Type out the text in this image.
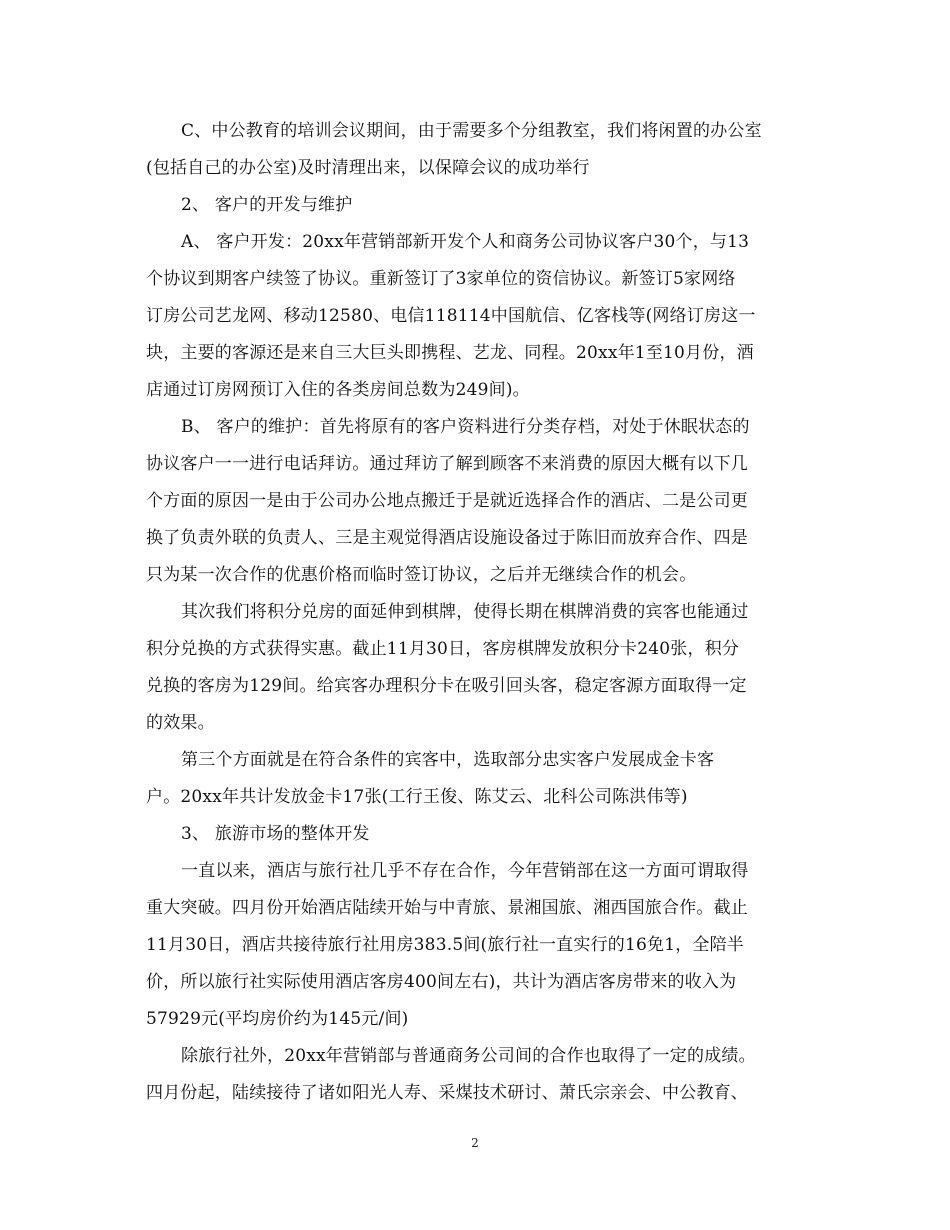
C、中公教育的培训会议期间，由于需要多个分组教室，我们将闲置的办公室
(包括自己的办公室)及时清理出来，以保障会议的成功举行
2、 客户的开发与维护
A、 客户开发：20xx年营销部新开发个人和商务公司协议客户30个，与13
个协议到期客户续签了协议。重新签订了3家单位的资信协议。新签订5家网络
订房公司艺龙网、移动12580、电信118114中国航信、亿客栈等(网络订房这一
块，主要的客源还是来自三大巨头即携程、艺龙、同程。20xx年1至10月份，酒
店通过订房网预订入住的各类房间总数为249间)。
B、 客户的维护：首先将原有的客户资料进行分类存档，对处于休眠状态的
协议客户一一进行电话拜访。通过拜访了解到顾客不来消费的原因大概有以下几
个方面的原因一是由于公司办公地点搬迁于是就近选择合作的酒店、二是公司更
换了负责外联的负责人、三是主观觉得酒店设施设备过于陈旧而放弃合作、四是
只为某一次合作的优惠价格而临时签订协议，之后并无继续合作的机会。
其次我们将积分兑房的面延伸到棋牌，使得长期在棋牌消费的宾客也能通过
积分兑换的方式获得实惠。截止11月30日，客房棋牌发放积分卡240张，积分
兑换的客房为129间。给宾客办理积分卡在吸引回头客，稳定客源方面取得一定
的效果。
第三个方面就是在符合条件的宾客中，选取部分忠实客户发展成金卡客
户。20xx年共计发放金卡17张(工行王俊、陈艾云、北科公司陈洪伟等)
3、 旅游市场的整体开发
一直以来，酒店与旅行社几乎不存在合作，今年营销部在这一方面可谓取得
重大突破。四月份开始酒店陆续开始与中青旅、景湘国旅、湘西国旅合作。截止
11月30日，酒店共接待旅行社用房383.5间(旅行社一直实行的16免1，全陪半
价，所以旅行社实际使用酒店客房400间左右)，共计为酒店客房带来的收入为
57929元(平均房价约为145元/间)
除旅行社外，20xx年营销部与普通商务公司间的合作也取得了一定的成绩。
四月份起，陆续接待了诸如阳光人寿、采煤技术研讨、萧氏宗亲会、中公教育、
2
